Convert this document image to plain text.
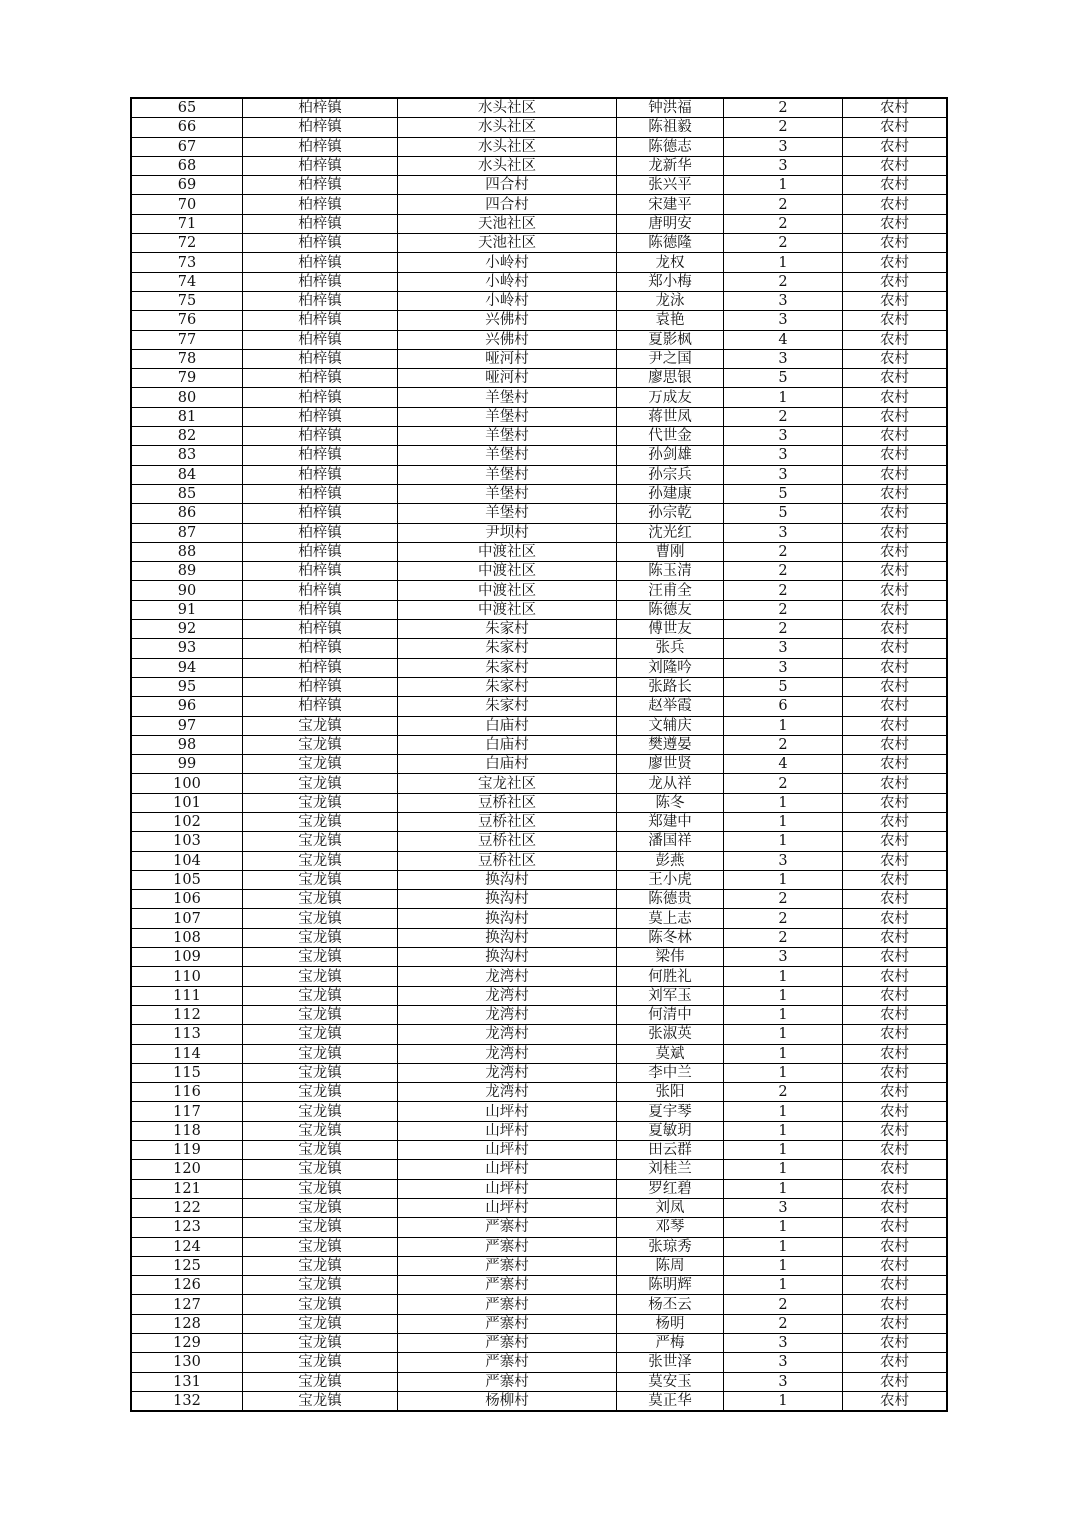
65	柏梓镇	水头社区	钟洪福	2	农村
66	柏梓镇	水头社区	陈祖毅	2	农村
67	柏梓镇	水头社区	陈德志	3	农村
68	柏梓镇	水头社区	龙新华	3	农村
69	柏梓镇	四合村	张兴平	1	农村
70	柏梓镇	四合村	宋建平	2	农村
71	柏梓镇	天池社区	唐明安	2	农村
72	柏梓镇	天池社区	陈德隆	2	农村
73	柏梓镇	小岭村	龙权	1	农村
74	柏梓镇	小岭村	郑小梅	2	农村
75	柏梓镇	小岭村	龙泳	3	农村
76	柏梓镇	兴佛村	袁艳	3	农村
77	柏梓镇	兴佛村	夏影枫	4	农村
78	柏梓镇	哑河村	尹之国	3	农村
79	柏梓镇	哑河村	廖思银	5	农村
80	柏梓镇	羊堡村	万成友	1	农村
81	柏梓镇	羊堡村	蒋世凤	2	农村
82	柏梓镇	羊堡村	代世金	3	农村
83	柏梓镇	羊堡村	孙剑雄	3	农村
84	柏梓镇	羊堡村	孙宗兵	3	农村
85	柏梓镇	羊堡村	孙建康	5	农村
86	柏梓镇	羊堡村	孙宗乾	5	农村
87	柏梓镇	尹坝村	沈光红	3	农村
88	柏梓镇	中渡社区	曹刚	2	农村
89	柏梓镇	中渡社区	陈玉清	2	农村
90	柏梓镇	中渡社区	汪甫全	2	农村
91	柏梓镇	中渡社区	陈德友	2	农村
92	柏梓镇	朱家村	傅世友	2	农村
93	柏梓镇	朱家村	张兵	3	农村
94	柏梓镇	朱家村	刘隆吟	3	农村
95	柏梓镇	朱家村	张路长	5	农村
96	柏梓镇	朱家村	赵举霞	6	农村
97	宝龙镇	白庙村	文辅庆	1	农村
98	宝龙镇	白庙村	樊遵晏	2	农村
99	宝龙镇	白庙村	廖世贤	4	农村
100	宝龙镇	宝龙社区	龙从祥	2	农村
101	宝龙镇	豆桥社区	陈冬	1	农村
102	宝龙镇	豆桥社区	郑建中	1	农村
103	宝龙镇	豆桥社区	潘国祥	1	农村
104	宝龙镇	豆桥社区	彭燕	3	农村
105	宝龙镇	换沟村	王小虎	1	农村
106	宝龙镇	换沟村	陈德贵	2	农村
107	宝龙镇	换沟村	莫上志	2	农村
108	宝龙镇	换沟村	陈冬林	2	农村
109	宝龙镇	换沟村	梁伟	3	农村
110	宝龙镇	龙湾村	何胜礼	1	农村
111	宝龙镇	龙湾村	刘军玉	1	农村
112	宝龙镇	龙湾村	何清中	1	农村
113	宝龙镇	龙湾村	张淑英	1	农村
114	宝龙镇	龙湾村	莫斌	1	农村
115	宝龙镇	龙湾村	李中兰	1	农村
116	宝龙镇	龙湾村	张阳	2	农村
117	宝龙镇	山坪村	夏宇琴	1	农村
118	宝龙镇	山坪村	夏敏玥	1	农村
119	宝龙镇	山坪村	田云群	1	农村
120	宝龙镇	山坪村	刘桂兰	1	农村
121	宝龙镇	山坪村	罗红碧	1	农村
122	宝龙镇	山坪村	刘凤	3	农村
123	宝龙镇	严寨村	邓琴	1	农村
124	宝龙镇	严寨村	张琼秀	1	农村
125	宝龙镇	严寨村	陈周	1	农村
126	宝龙镇	严寨村	陈明辉	1	农村
127	宝龙镇	严寨村	杨丕云	2	农村
128	宝龙镇	严寨村	杨明	2	农村
129	宝龙镇	严寨村	严梅	3	农村
130	宝龙镇	严寨村	张世泽	3	农村
131	宝龙镇	严寨村	莫安玉	3	农村
132	宝龙镇	杨柳村	莫正华	1	农村
